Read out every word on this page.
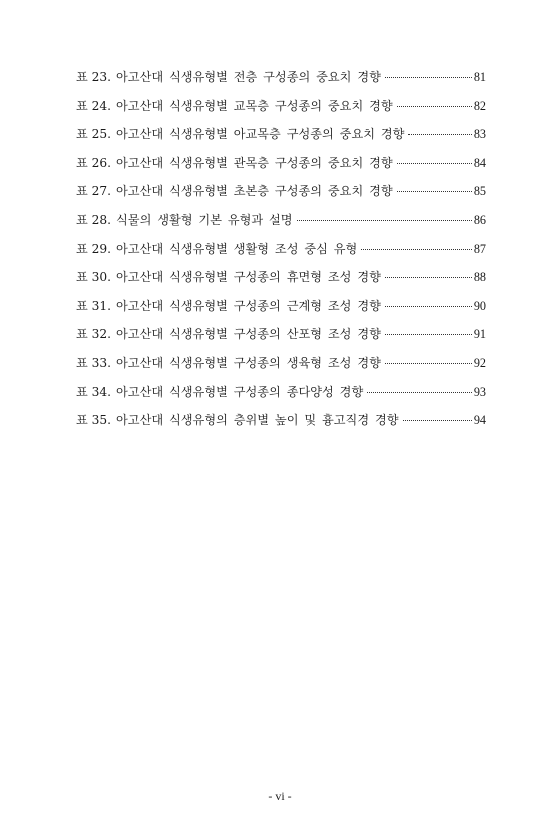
표 23. 아고산대 식생유형별 전층 구성종의 중요치 경향	81
표 24. 아고산대 식생유형별 교목층 구성종의 중요치 경향	82
표 25. 아고산대 식생유형별 아교목층 구성종의 중요치 경향	83
표 26. 아고산대 식생유형별 관목층 구성종의 중요치 경향	84
표 27. 아고산대 식생유형별 초본층 구성종의 중요치 경향	85
표 28. 식물의 생활형 기본 유형과 설명	86
표 29. 아고산대 식생유형별 생활형 조성 중심 유형	87
표 30. 아고산대 식생유형별 구성종의 휴면형 조성 경향	88
표 31. 아고산대 식생유형별 구성종의 근계형 조성 경향	90
표 32. 아고산대 식생유형별 구성종의 산포형 조성 경향	91
표 33. 아고산대 식생유형별 구성종의 생육형 조성 경향	92
표 34. 아고산대 식생유형별 구성종의 종다양성 경향	93
표 35. 아고산대 식생유형의 층위별 높이 및 흉고직경 경향	94
- vi -
